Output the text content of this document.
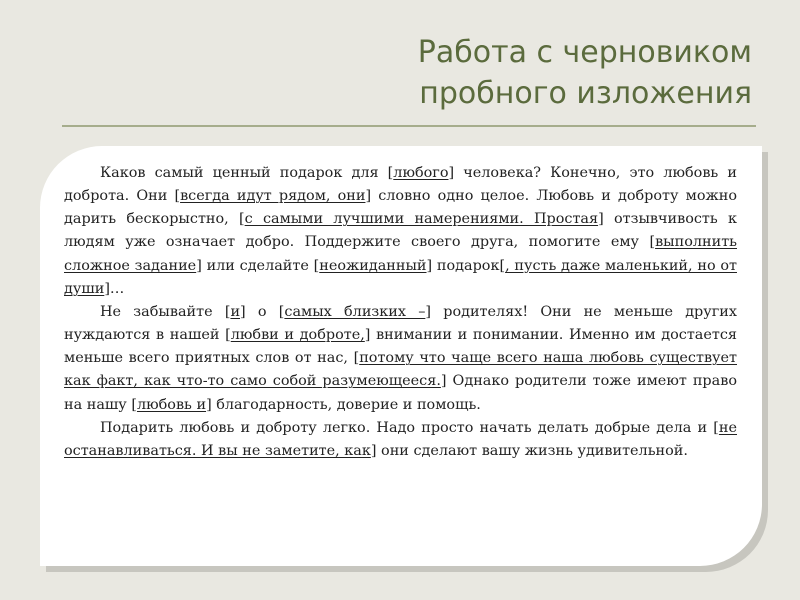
Работа с черновиком
пробного изложения

Каков самый ценный подарок для [любого] человека? Конечно, это любовь и доброта. Они [всегда идут рядом, они] словно одно целое. Любовь и доброту можно дарить бескорыстно, [с самыми лучшими намерениями. Простая] отзывчивость к людям уже означает добро. Поддержите своего друга, помогите ему [выполнить сложное задание] или сделайте [неожиданный] подарок[, пусть даже маленький, но от души]…

Не забывайте [и] о [самых близких –] родителях! Они не меньше других нуждаются в нашей [любви и доброте,] внимании и понимании. Именно им достается меньше всего приятных слов от нас, [потому что чаще всего наша любовь существует как факт, как что-то само собой разумеющееся.] Однако родители тоже имеют право на нашу [любовь и] благодарность, доверие и помощь.

Подарить любовь и доброту легко. Надо просто начать делать добрые дела и [не останавливаться. И вы не заметите, как] они сделают вашу жизнь удивительной.
